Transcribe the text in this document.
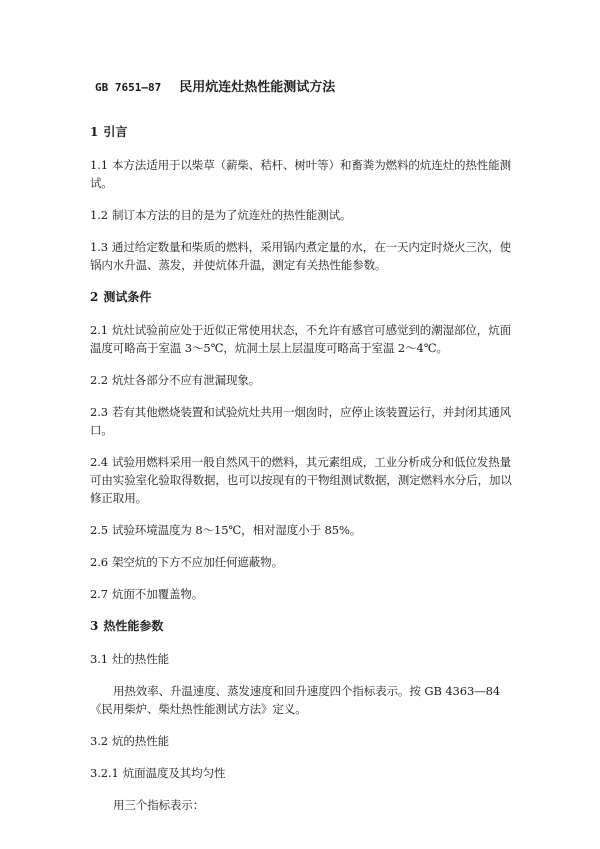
GB 7651—87 民用炕连灶热性能测试方法
1 引言

1.1 本方法适用于以柴草（薪柴、秸杆、树叶等）和畜粪为燃料的炕连灶的热性能测试。

1.2 制订本方法的目的是为了炕连灶的热性能测试。

1.3 通过给定数量和柴质的燃料，采用锅内煮定量的水，在一天内定时烧火三次，使锅内水升温、蒸发，并使炕体升温，测定有关热性能参数。

2 测试条件

2.1 炕灶试验前应处于近似正常使用状态，不允许有感官可感觉到的潮湿部位，炕面温度可略高于室温 3～5℃，炕洞土层上层温度可略高于室温 2～4℃。

2.2 炕灶各部分不应有泄漏现象。

2.3 若有其他燃烧装置和试验炕灶共用一烟囱时，应停止该装置运行，并封闭其通风口。

2.4 试验用燃料采用一般自然风干的燃料，其元素组成，工业分析成分和低位发热量可由实验室化验取得数据，也可以按现有的干物组测试数据，测定燃料水分后，加以修正取用。

2.5 试验环境温度为 8～15℃，相对湿度小于 85%。

2.6 架空炕的下方不应加任何遮蔽物。

2.7 炕面不加覆盖物。

3 热性能参数

3.1 灶的热性能

用热效率、升温速度、蒸发速度和回升速度四个指标表示。按 GB 4363—84《民用柴炉、柴灶热性能测试方法》定义。

3.2 炕的热性能

3.2.1 炕面温度及其均匀性

用三个指标表示：
